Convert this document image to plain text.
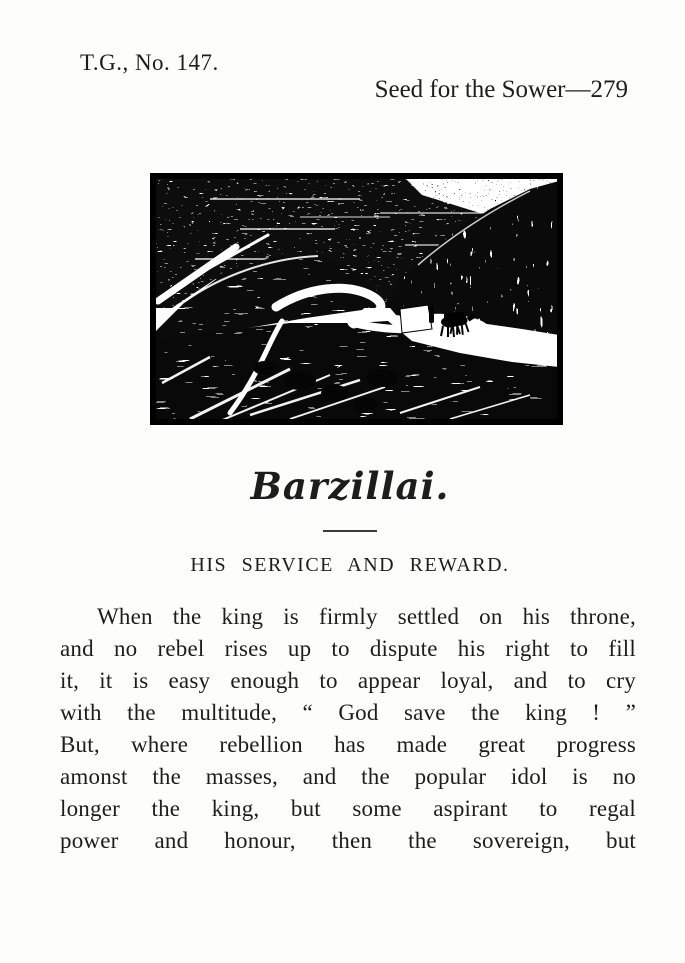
T.G., No. 147.
Seed for the Sower—279
Barzillai.
HIS SERVICE AND REWARD.

When the king is firmly settled on his throne,

and no rebel rises up to dispute his right to fill

it, it is easy enough to appear loyal, and to cry

with the multitude, “ God save the king ! ”

But, where rebellion has made great progress

amonst the masses, and the popular idol is no

longer the king, but some aspirant to regal

power and honour, then the sovereign, but
